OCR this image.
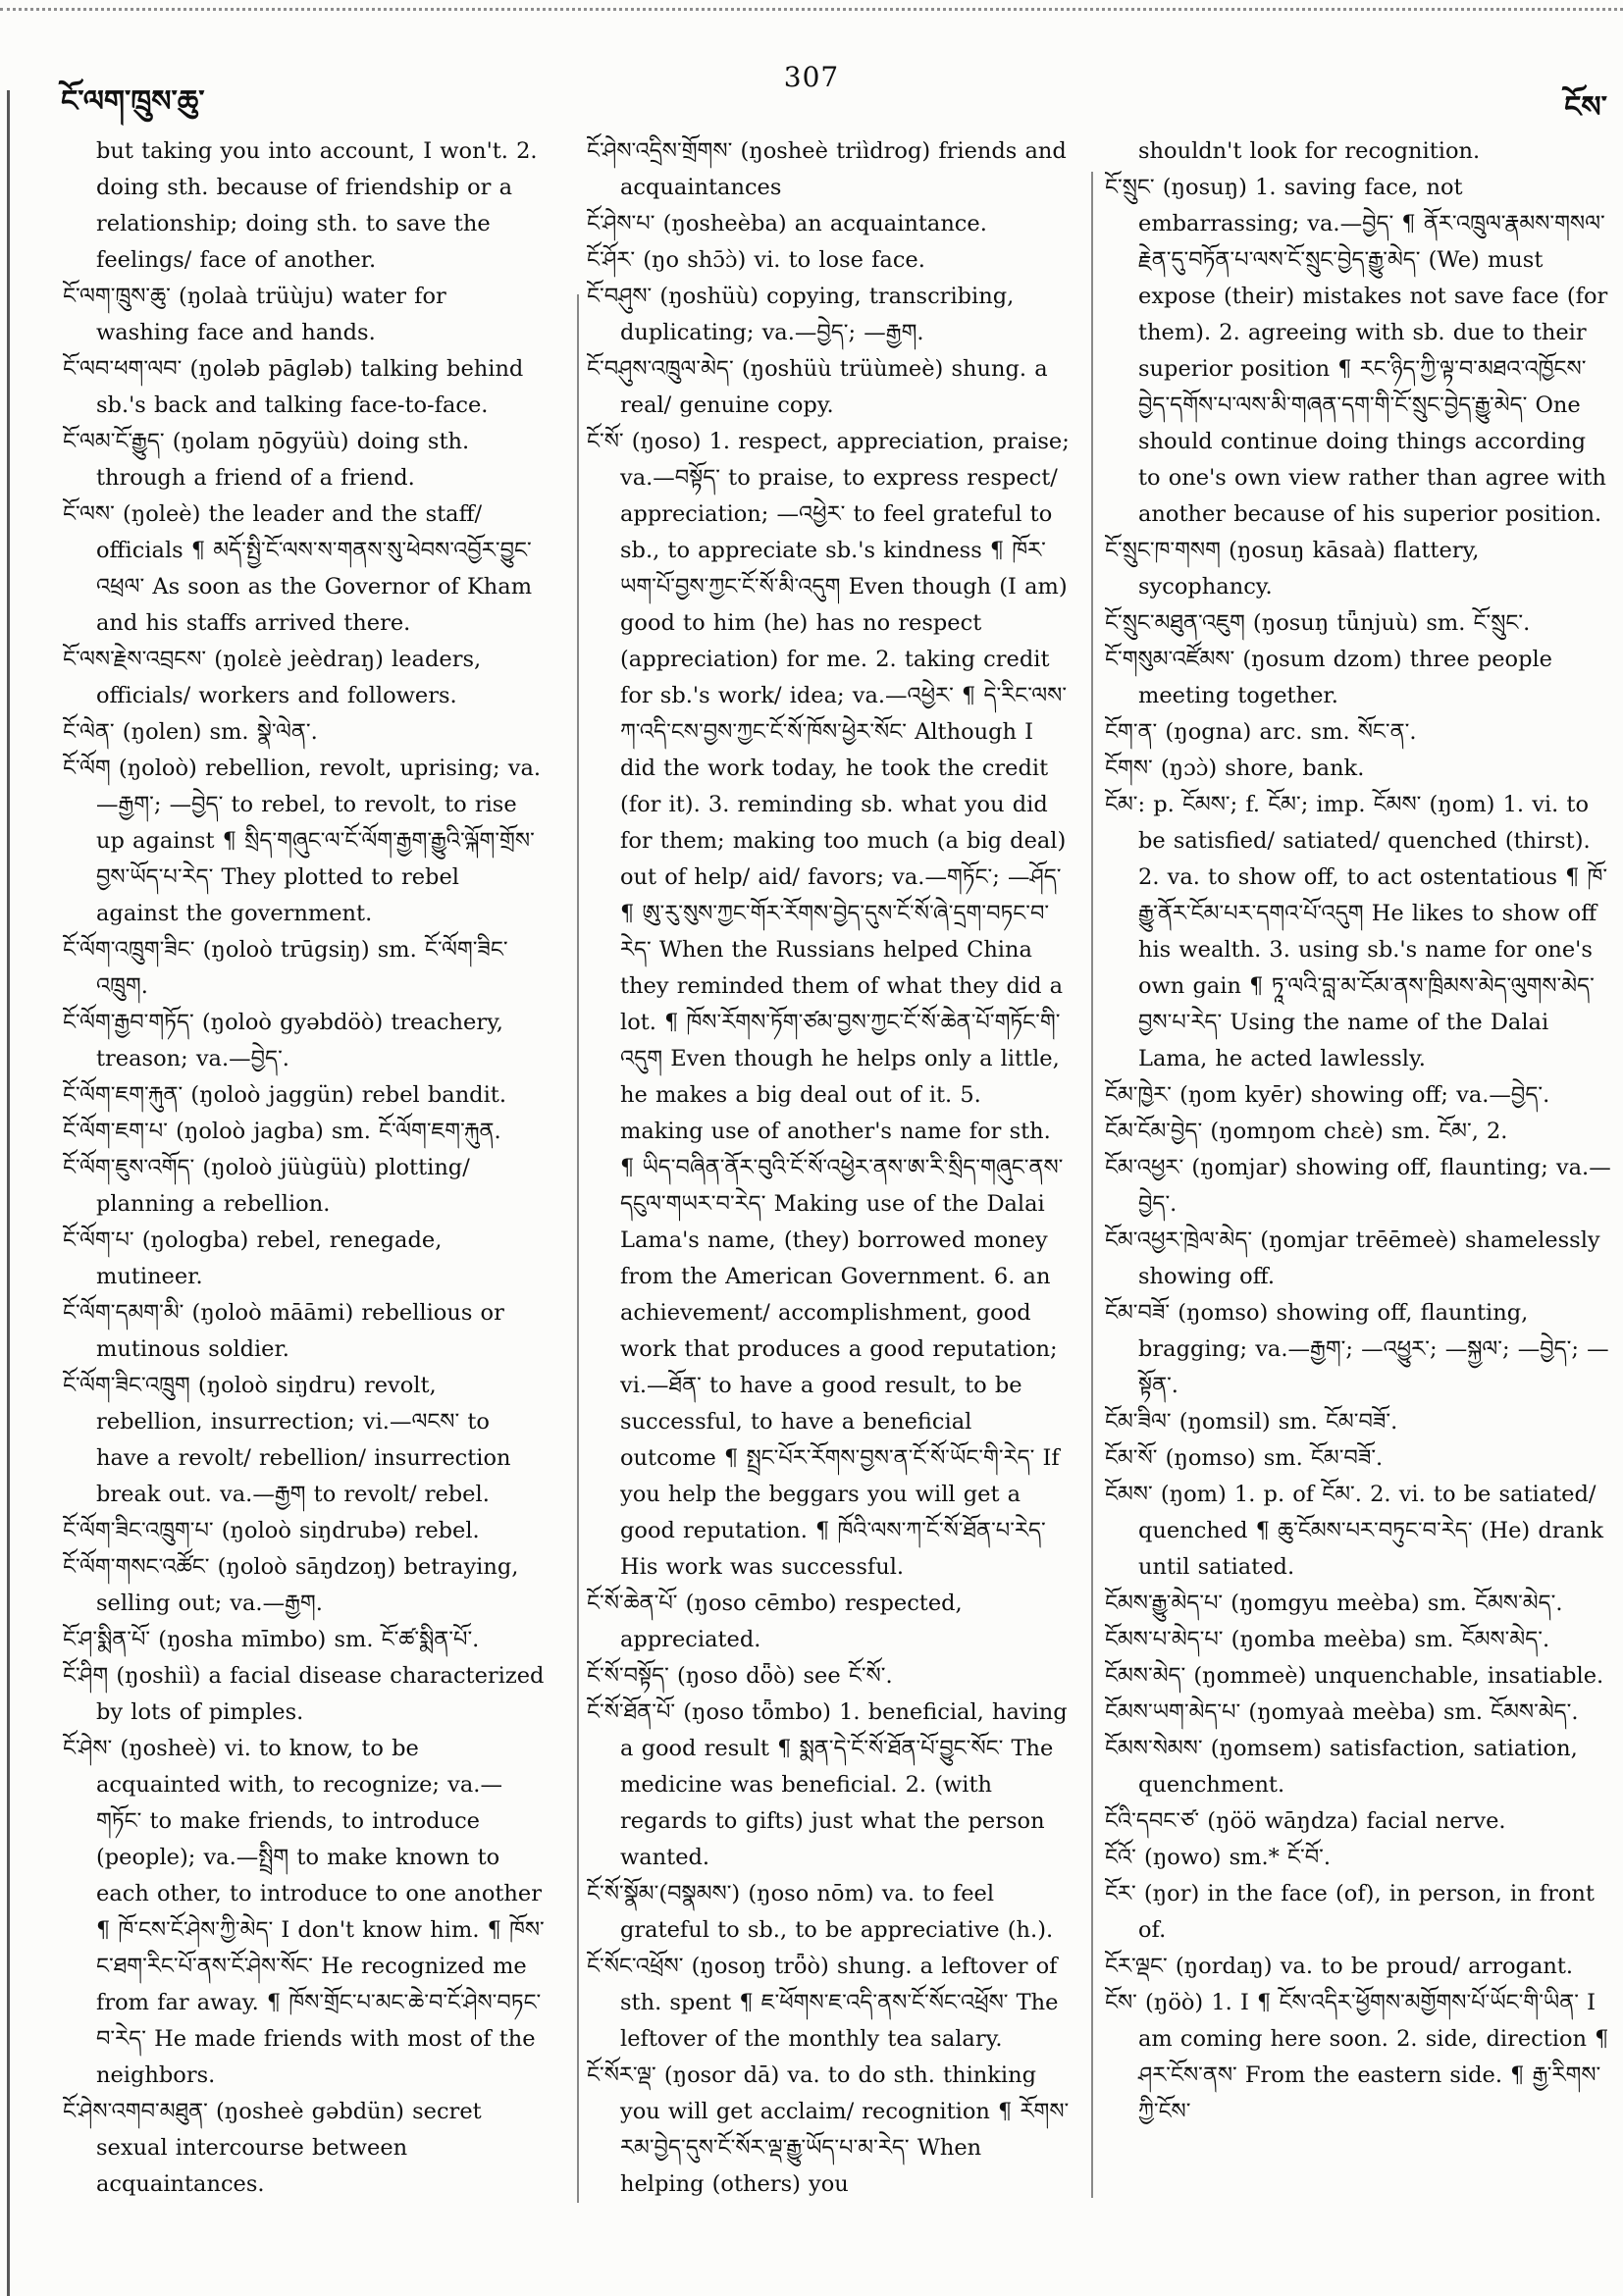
ངོ་ལག་ཁྲུས་ཆུ་
307
ངོས་

but taking you into account, I won't. 2. doing sth. because of friendship or a relationship; doing sth. to save the feelings/ face of another.

ངོ་ལག་ཁྲུས་ཆུ་ (ŋolaà trüùju) water for washing face and hands.

ངོ་ལབ་ཕག་ལབ་ (ŋoləb pāgləb) talking behind sb.'s back and talking face-to-face.

ངོ་ལམ་ངོ་རྒྱུད་ (ŋolam ŋōgyüù) doing sth. through a friend of a friend.

ངོ་ལས་ (ŋoleè) the leader and the staff/ officials ¶ མདོ་སྤྱི་ངོ་ལས་ས་གནས་སུ་ཕེབས་འབྱོར་བྱུང་འཕྲལ་ As soon as the Governor of Kham and his staffs arrived there.

ངོ་ལས་རྗེས་འབྲངས་ (ŋolɛè jeèdraŋ) leaders, officials/ workers and followers.

ངོ་ལེན་ (ŋolen) sm. སྣེ་ལེན་.

ངོ་ལོག (ŋoloò) rebellion, revolt, uprising; va.—རྒྱག་; —བྱེད་ to rebel, to revolt, to rise up against ¶ སྲིད་གཞུང་ལ་ངོ་ལོག་རྒྱག་རྒྱུའི་ལྐོག་གྲོས་བྱས་ཡོད་པ་རེད་ They plotted to rebel against the government.

ངོ་ལོག་འཁྲུག་ཟིང་ (ŋoloò trūgsiŋ) sm. ངོ་ལོག་ཟིང་འཁྲུག.

ངོ་ལོག་རྒྱབ་གཏོད་ (ŋoloò gyəbdöò) treachery, treason; va.—བྱེད་.

ངོ་ལོག་ཇག་རྐུན་ (ŋoloò jaggün) rebel bandit.

ངོ་ལོག་ཇག་པ་ (ŋoloò jagba) sm. ངོ་ལོག་ཇག་རྐུན.

ངོ་ལོག་ཇུས་འགོད་ (ŋoloò jüùgüù) plotting/ planning a rebellion.

ངོ་ལོག་པ་ (ŋologba) rebel, renegade, mutineer.

ངོ་ལོག་དམག་མི་ (ŋoloò māāmi) rebellious or mutinous soldier.

ངོ་ལོག་ཟིང་འཁྲུག (ŋoloò siŋdru) revolt, rebellion, insurrection; vi.—ལངས་ to have a revolt/ rebellion/ insurrection break out. va.—རྒྱག to revolt/ rebel.

ངོ་ལོག་ཟིང་འཁྲུག་པ་ (ŋoloò siŋdrubə) rebel.

ངོ་ལོག་གསང་འཚོང་ (ŋoloò sāŋdzoŋ) betraying, selling out; va.—རྒྱག.

ངོ་ཤ་སྨིན་པོ་ (ŋosha mīmbo) sm. ངོ་ཚ་སྨིན་པོ་.

ངོ་ཤིག (ŋoshiì) a facial disease characterized by lots of pimples.

ངོ་ཤེས་ (ŋosheè) vi. to know, to be acquainted with, to recognize; va.—གཏོང་ to make friends, to introduce (people); va.—སྤྲིག to make known to each other, to introduce to one another ¶ ཁོ་ངས་ངོ་ཤེས་ཀྱི་མེད་ I don't know him. ¶ ཁོས་ང་ཐག་རིང་པོ་ནས་ངོ་ཤེས་སོང་ He recognized me from far away. ¶ ཁོས་གྲོང་པ་མང་ཆེ་བ་ངོ་ཤེས་བཏང་བ་རེད་ He made friends with most of the neighbors.

ངོ་ཤེས་འགབ་མཐུན་ (ŋosheè gəbdün) secret sexual intercourse between acquaintances.

ངོ་ཤེས་འདྲིས་གྲོགས་ (ŋosheè triìdrog) friends and acquaintances

ངོ་ཤེས་པ་ (ŋosheèba) an acquaintance.

ངོ་ཤོར་ (ŋo shɔ̄ɔ̀) vi. to lose face.

ངོ་བཤུས་ (ŋoshüù) copying, transcribing, duplicating; va.—བྱེད་; —རྒྱག.

ངོ་བཤུས་འཁྲུལ་མེད་ (ŋoshüù trüùmeè) shung. a real/ genuine copy.

ངོ་སོ་ (ŋoso) 1. respect, appreciation, praise; va.—བསྟོད་ to praise, to express respect/ appreciation; —འཕྱེར་ to feel grateful to sb., to appreciate sb.'s kindness ¶ ཁོར་ཡག་པོ་བྱས་ཀྱང་ངོ་སོ་མི་འདུག Even though (I am) good to him (he) has no respect (appreciation) for me. 2. taking credit for sb.'s work/ idea; va.—འཕྱེར་ ¶ དེ་རིང་ལས་ཀ་འདི་ངས་བྱས་ཀྱང་ངོ་སོ་ཁོས་ཕྱེར་སོང་ Although I did the work today, he took the credit (for it). 3. reminding sb. what you did for them; making too much (a big deal) out of help/ aid/ favors; va.—གཏོང་; —ཤོད་ ¶ ཨུ་རུ་སུས་ཀྱང་གོར་རོགས་བྱེད་དུས་ངོ་སོ་ཞེ་དྲག་བཏང་བ་རེད་ When the Russians helped China they reminded them of what they did a lot. ¶ ཁོས་རོགས་ཏོག་ཙམ་བྱས་ཀྱང་ངོ་སོ་ཆེན་པོ་གཏོང་གི་འདུག Even though he helps only a little, he makes a big deal out of it. 5. making use of another's name for sth. ¶ ཡིད་བཞིན་ནོར་བུའི་ངོ་སོ་འཕྱེར་ནས་ཨ་རི་སྲིད་གཞུང་ནས་དངུལ་གཡར་བ་རེད་ Making use of the Dalai Lama's name, (they) borrowed money from the American Government. 6. an achievement/ accomplishment, good work that produces a good reputation; vi.—ཐོན་ to have a good result, to be successful, to have a beneficial outcome ¶ སྤྲང་པོར་རོགས་བྱས་ན་ངོ་སོ་ཡོང་གི་རེད་ If you help the beggars you will get a good reputation. ¶ ཁོའི་ལས་ཀ་ངོ་སོ་ཐོན་པ་རེད་ His work was successful.

ངོ་སོ་ཆེན་པོ་ (ŋoso cēmbo) respected, appreciated.

ངོ་སོ་བསྟོད་ (ŋoso dȫò) see ངོ་སོ་.

ངོ་སོ་ཐོན་པོ་ (ŋoso tȫmbo) 1. beneficial, having a good result ¶ སྨན་དེ་ངོ་སོ་ཐོན་པོ་བྱུང་སོང་ The medicine was beneficial. 2. (with regards to gifts) just what the person wanted.

ངོ་སོ་སྣོམ་(བསྣམས་) (ŋoso nōm) va. to feel grateful to sb., to be appreciative (h.).

ངོ་སོང་འཕྲོས་ (ŋosoŋ trȫò) shung. a leftover of sth. spent ¶ ཇ་ཕོགས་ཇ་འདི་ནས་ངོ་སོང་འཕྲོས་ The leftover of the monthly tea salary.

ངོ་སོར་ལྡ་ (ŋosor dā) va. to do sth. thinking you will get acclaim/ recognition ¶ རོགས་རམ་བྱེད་དུས་ངོ་སོར་ལྡ་རྒྱུ་ཡོད་པ་མ་རེད་ When helping (others) you

shouldn't look for recognition.

ངོ་སྲུང་ (ŋosuŋ) 1. saving face, not embarrassing; va.—བྱེད་ ¶ ནོར་འཁྲུལ་རྣམས་གསལ་རྗེན་དུ་བཏོན་པ་ལས་ངོ་སྲུང་བྱེད་རྒྱུ་མེད་ (We) must expose (their) mistakes not save face (for them). 2. agreeing with sb. due to their superior position ¶ རང་ཉིད་ཀྱི་ལྟ་བ་མཐའ་འཁྱོངས་བྱེད་དགོས་པ་ལས་མི་གཞན་དག་གི་ངོ་སྲུང་བྱེད་རྒྱུ་མེད་ One should continue doing things according to one's own view rather than agree with another because of his superior position.

ངོ་སྲུང་ཁ་གསག (ŋosuŋ kāsaà) flattery, sycophancy.

ངོ་སྲུང་མཐུན་འཇུག (ŋosuŋ tǖnjuù) sm. ངོ་སྲུང་.

ངོ་གསུམ་འཛོམས་ (ŋosum dzom) three people meeting together.

ངོག་ན་ (ŋogna) arc. sm. སོང་ན་.

ངོགས་ (ŋɔɔ̀) shore, bank.

ངོམ་: p. ངོམས་; f. ངོམ་; imp. ངོམས་ (ŋom) 1. vi. to be satisfied/ satiated/ quenched (thirst). 2. va. to show off, to act ostentatious ¶ ཁོ་རྒྱུ་ནོར་ངོམ་པར་དགའ་པོ་འདུག He likes to show off his wealth. 3. using sb.'s name for one's own gain ¶ ཏཱ་ལའི་བླ་མ་ངོམ་ནས་ཁྲིམས་མེད་ལུགས་མེད་བྱས་པ་རེད་ Using the name of the Dalai Lama, he acted lawlessly.

ངོམ་ཁྱེར་ (ŋom kyēr) showing off; va.—བྱེད་.

ངོམ་ངོམ་བྱེད་ (ŋomŋom chɛè) sm. ངོམ་, 2.

ངོམ་འཕྱར་ (ŋomjar) showing off, flaunting; va.—བྱེད་.

ངོམ་འཕྱར་ཁྲེལ་མེད་ (ŋomjar trēēmeè) shamelessly showing off.

ངོམ་བཟོ་ (ŋomso) showing off, flaunting, bragging; va.—རྒྱག་; —འཕྱུར་; —སྐྱལ་; —བྱེད་; —སྟོན་.

ངོམ་ཟིལ་ (ŋomsil) sm. ངོམ་བཟོ་.

ངོམ་སོ་ (ŋomso) sm. ངོམ་བཟོ་.

ངོམས་ (ŋom) 1. p. of ངོམ་. 2. vi. to be satiated/ quenched ¶ ཆུ་ངོམས་པར་བཏུང་བ་རེད་ (He) drank until satiated.

ངོམས་རྒྱུ་མེད་པ་ (ŋomgyu meèba) sm. ངོམས་མེད་.

ངོམས་པ་མེད་པ་ (ŋomba meèba) sm. ངོམས་མེད་.

ངོམས་མེད་ (ŋommeè) unquenchable, insatiable.

ངོམས་ཡག་མེད་པ་ (ŋomyaà meèba) sm. ངོམས་མེད་.

ངོམས་སེམས་ (ŋomsem) satisfaction, satiation, quenchment.

ངོའི་དབང་ཙ་ (ŋöö wāŋdza) facial nerve.

ངོའོ་ (ŋowo) sm.* ངོ་བོ་.

ངོར་ (ŋor) in the face (of), in person, in front of.

ངོར་ལྡང་ (ŋordaŋ) va. to be proud/ arrogant.

ངོས་ (ŋöò) 1. I ¶ ངོས་འདིར་ཕྱོགས་མགྱོགས་པོ་ཡོང་གི་ཡིན་ I am coming here soon. 2. side, direction ¶ ཤར་ངོས་ནས་ From the eastern side. ¶ རྒྱ་རིགས་ཀྱི་ངོས་
